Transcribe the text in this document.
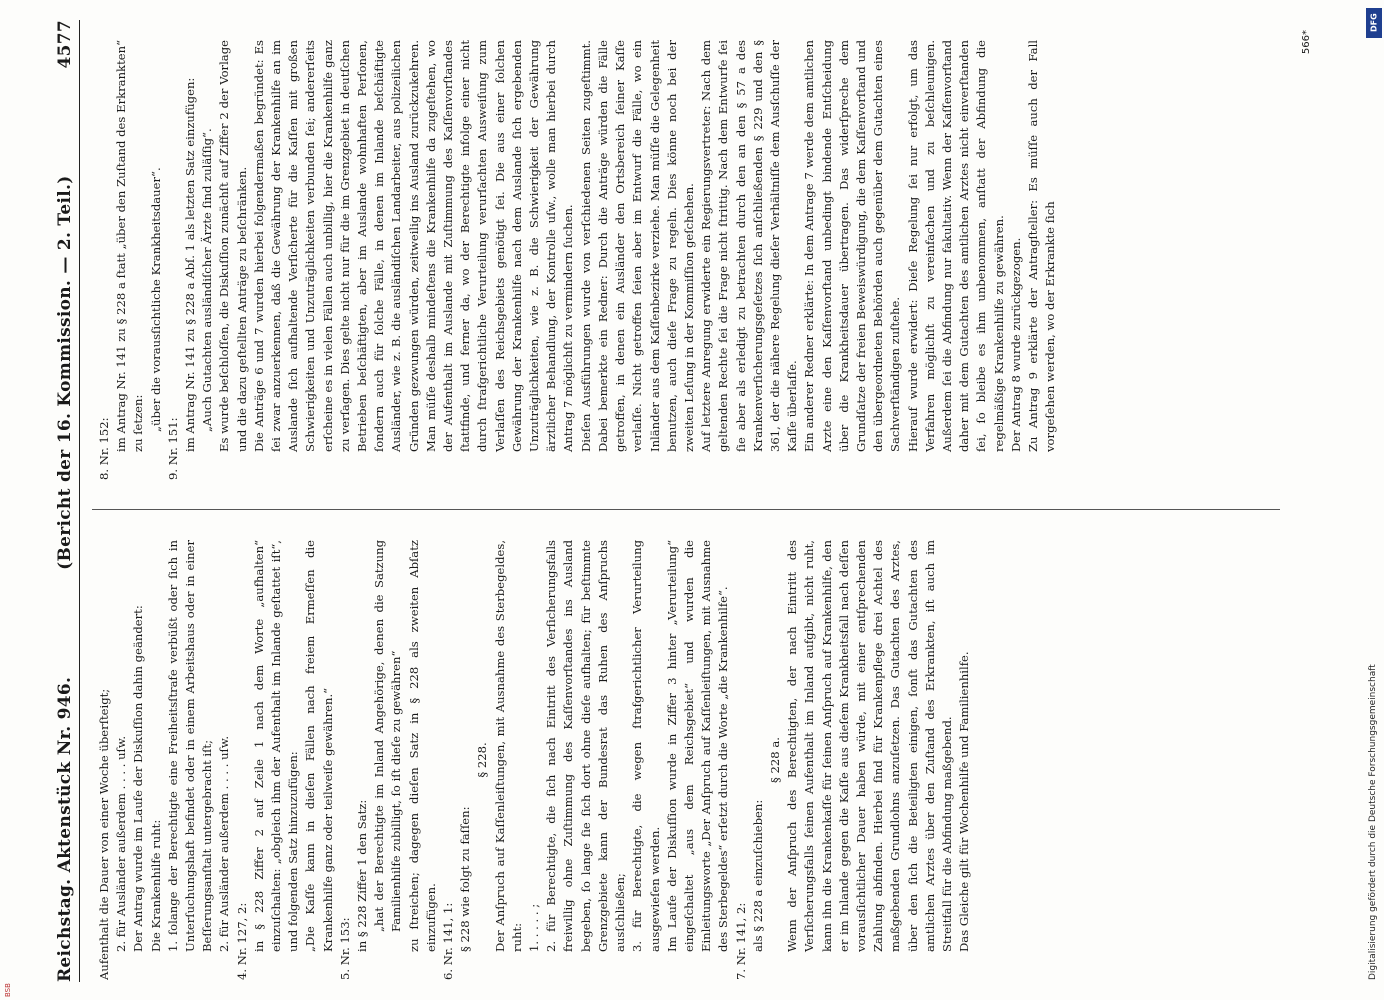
Reichstag. Aktenstück Nr. 946.
(Bericht der 16. Kommission. — 2. Teil.)
4577

Aufenthalt die Dauer von einer Woche überſteigt; 2. für Ausländer außerdem . . . . uſw. Der Antrag wurde im Laufe der Diskuſſion dahin geändert: Die Krankenhilfe ruht: 1. ſolange der Berechtigte eine Freiheitsſtrafe verbüßt oder ſich in Unterſuchungshaft befindet oder in einem Arbeitshaus oder in einer Beſſerungsanſtalt untergebracht iſt; 2. für Ausländer außerdem . . . . uſw. 4. Nr. 127, 2: in § 228 Ziffer 2 auf Zeile 1 nach dem Worte „aufhalten“ einzuſchalten: „obgleich ihm der Aufenthalt im Inlande geſtattet iſt“, und folgenden Satz hinzuzufügen: „Die Kaſſe kann in dieſen Fällen nach freiem Ermeſſen die Krankenhilfe ganz oder teilweiſe gewähren.“ 5. Nr. 153: in § 228 Ziffer 1 den Satz: „hat der Berechtigte im Inland Angehörige, denen die Satzung Familienhilfe zubilligt, ſo iſt dieſe zu gewähren“ zu ſtreichen; dagegen dieſen Satz in § 228 als zweiten Abſatz einzufügen. 6. Nr. 141, 1: § 228 wie folgt zu faſſen:

§ 228. Der Anſpruch auf Kaſſenleiſtungen, mit Ausnahme des Sterbegeldes, ruht: 1. . . . . ; 2. für Berechtigte, die ſich nach Eintritt des Verſicherungsfalls freiwillig ohne Zuſtimmung des Kaſſenvorſtandes ins Ausland begeben, ſo lange ſie ſich dort ohne dieſe aufhalten; für beſtimmte Grenzgebiete kann der Bundesrat das Ruhen des Anſpruchs ausſchließen; 3. für Berechtigte, die wegen ſtrafgerichtlicher Verurteilung ausgewieſen werden. Im Laufe der Diskuſſion wurde in Ziffer 3 hinter „Verurteilung“ eingeſchaltet „aus dem Reichsgebiet“ und wurden die Einleitungsworte „Der Anſpruch auf Kaſſenleiſtungen, mit Ausnahme des Sterbegeldes“ erſetzt durch die Worte „die Krankenhilfe“. 7. Nr. 141, 2: als § 228 a einzuſchieben:

§ 228 a. Wenn der Anſpruch des Berechtigten, der nach Eintritt des Verſicherungsfalls ſeinen Aufenthalt im Inland aufgibt, nicht ruht, kann ihn die Krankenkaſſe für ſeinen Anſpruch auf Krankenhilfe, den er im Inlande gegen die Kaſſe aus dieſem Krankheitsfall nach deſſen vorausſichtlicher Dauer haben würde, mit einer entſprechenden Zahlung abfinden. Hierbei ſind für Krankenpflege drei Achtel des maßgebenden Grundlohns anzuſetzen. Das Gutachten des Arztes, über den ſich die Beteiligten einigen, ſonſt das Gutachten des amtlichen Arztes über den Zuſtand des Erkrankten, iſt auch im Streitfall für die Abfindung maßgebend. Das Gleiche gilt für Wochenhilfe und Familienhilfe.

8. Nr. 152: im Antrag Nr. 141 zu § 228 a ſtatt „über den Zuſtand des Erkrankten“ zu ſetzen: „über die vorausſichtliche Krankheitsdauer“.

9. Nr. 151: im Antrag Nr. 141 zu § 228 a Abſ. 1 als letzten Satz einzufügen: „Auch Gutachten ausländiſcher Ärzte ſind zuläſſig“. Es wurde beſchloſſen, die Diskuſſion zunächſt auf Ziffer 2 der Vorlage und die dazu geſtellten Anträge zu beſchränken. Die Anträge 6 und 7 wurden hierbei folgendermaßen begründet: Es ſei zwar anzuerkennen, daß die Gewährung der Krankenhilfe an im Auslande ſich aufhaltende Verſicherte für die Kaſſen mit großen Schwierigkeiten und Unzuträglichkeiten verbunden ſei; andererſeits erſcheine es in vielen Fällen auch unbillig, hier die Krankenhilfe ganz zu verſagen. Dies gelte nicht nur für die im Grenzgebiet in deutſchen Betrieben beſchäftigten, aber im Auslande wohnhaften Perſonen, ſondern auch für ſolche Fälle, in denen im Inlande beſchäftigte Ausländer, wie z. B. die ausländiſchen Landarbeiter, aus polizeilichen Gründen gezwungen würden, zeitweilig ins Ausland zurückzukehren. Man müſſe deshalb mindeſtens die Krankenhilfe da zugeſtehen, wo der Aufenthalt im Auslande mit Zuſtimmung des Kaſſenvorſtandes ſtattfinde, und ferner da, wo der Berechtigte infolge einer nicht durch ſtrafgerichtliche Verurteilung verurſachten Ausweiſung zum Verlaſſen des Reichsgebiets genötigt ſei. Die aus einer ſolchen Gewährung der Krankenhilfe nach dem Auslande ſich ergebenden Unzuträglichkeiten, wie z. B. die Schwierigkeit der Gewährung ärztlicher Behandlung, der Kontrolle uſw., wolle man hierbei durch Antrag 7 möglichſt zu vermindern ſuchen. Dieſen Ausführungen wurde von verſchiedenen Seiten zugeſtimmt. Dabei bemerkte ein Redner: Durch die Anträge würden die Fälle getroffen, in denen ein Ausländer den Ortsbereich ſeiner Kaſſe verlaſſe. Nicht getroffen ſeien aber im Entwurf die Fälle, wo ein Inländer aus dem Kaſſenbezirke verziehe. Man müſſe die Gelegenheit benutzen, auch dieſe Frage zu regeln. Dies könne noch bei der zweiten Leſung in der Kommiſſion geſchehen. Auf letztere Anregung erwiderte ein Regierungsvertreter: Nach dem geltenden Rechte ſei die Frage nicht ſtrittig. Nach dem Entwurfe ſei ſie aber als erledigt zu betrachten durch den an den § 57 a des Krankenverſicherungsgeſetzes ſich anſchließenden § 229 und den § 361, der die nähere Regelung dieſer Verhältniſſe dem Ausſchuſſe der Kaſſe überlaſſe. Ein anderer Redner erklärte: In dem Antrage 7 werde dem amtlichen Arzte eine den Kaſſenvorſtand unbedingt bindende Entſcheidung über die Krankheitsdauer übertragen. Das widerſpreche dem Grundſatze der freien Beweiswürdigung, die dem Kaſſenvorſtand und den übergeordneten Behörden auch gegenüber dem Gutachten eines Sachverſtändigen zuſtehe. Hierauf wurde erwidert: Dieſe Regelung ſei nur erfolgt, um das Verfahren möglichſt zu vereinfachen und zu beſchleunigen. Außerdem ſei die Abfindung nur fakultativ. Wenn der Kaſſenvorſtand daher mit dem Gutachten des amtlichen Arztes nicht einverſtanden ſei, ſo bleibe es ihm unbenommen, anſtatt der Abfindung die regelmäßige Krankenhilfe zu gewähren. Der Antrag 8 wurde zurückgezogen. Zu Antrag 9 erklärte der Antragſteller: Es müſſe auch der Fall vorgeſehen werden, wo der Erkrankte ſich

566*
DFG
Digitalisierung gefördert durch die Deutsche Forschungsgemeinschaft
BSB
